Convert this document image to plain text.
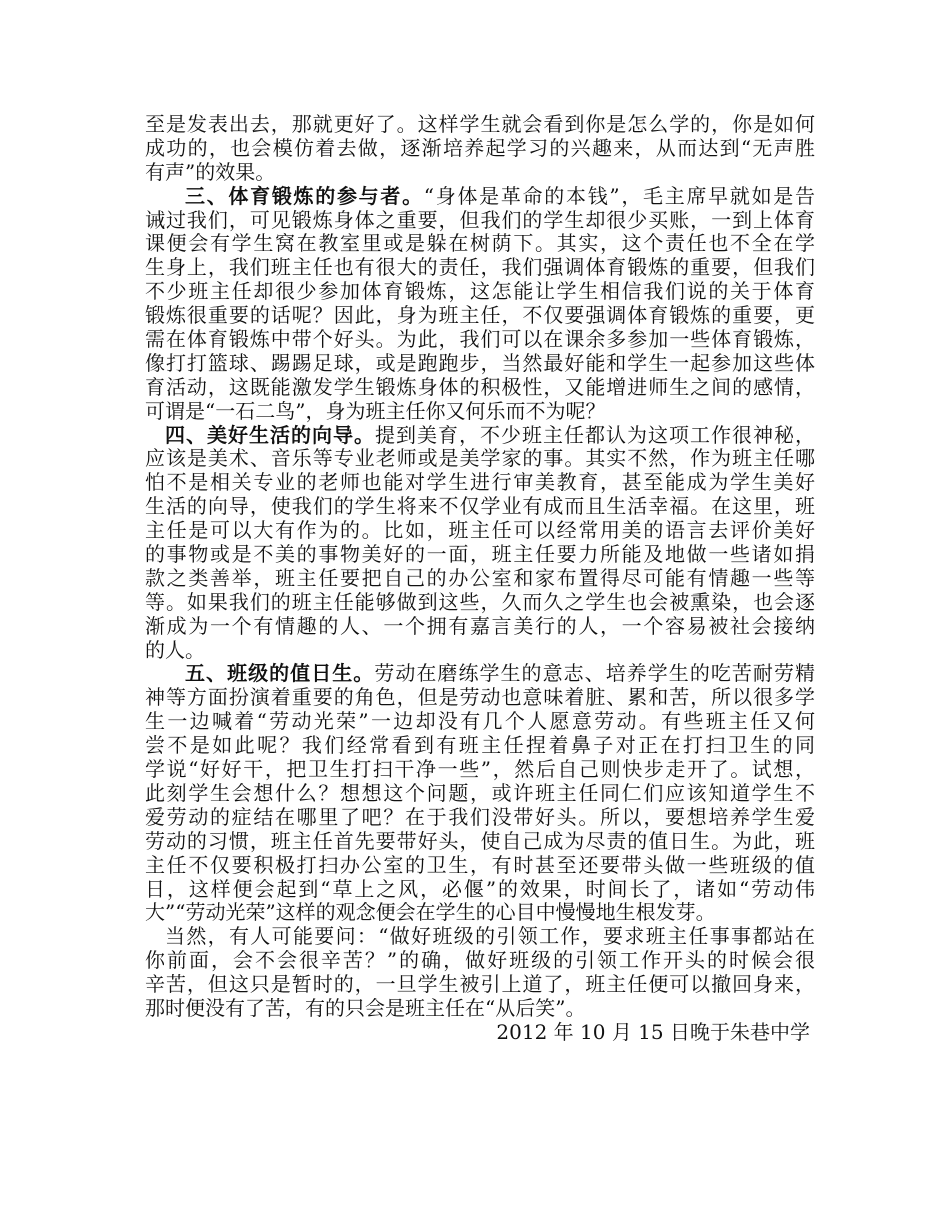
至是发表出去，那就更好了。这样学生就会看到你是怎么学的，你是如何
成功的，也会模仿着去做，逐渐培养起学习的兴趣来，从而达到“无声胜
有声”的效果。
三、体育锻炼的参与者。“身体是革命的本钱”，毛主席早就如是告
诫过我们，可见锻炼身体之重要，但我们的学生却很少买账，一到上体育
课便会有学生窝在教室里或是躲在树荫下。其实，这个责任也不全在学
生身上，我们班主任也有很大的责任，我们强调体育锻炼的重要，但我们
不少班主任却很少参加体育锻炼，这怎能让学生相信我们说的关于体育
锻炼很重要的话呢？因此，身为班主任，不仅要强调体育锻炼的重要，更
需在体育锻炼中带个好头。为此，我们可以在课余多参加一些体育锻炼，
像打打篮球、踢踢足球，或是跑跑步，当然最好能和学生一起参加这些体
育活动，这既能激发学生锻炼身体的积极性，又能增进师生之间的感情，
可谓是“一石二鸟”，身为班主任你又何乐而不为呢？
四、美好生活的向导。提到美育，不少班主任都认为这项工作很神秘，
应该是美术、音乐等专业老师或是美学家的事。其实不然，作为班主任哪
怕不是相关专业的老师也能对学生进行审美教育，甚至能成为学生美好
生活的向导，使我们的学生将来不仅学业有成而且生活幸福。在这里，班
主任是可以大有作为的。比如，班主任可以经常用美的语言去评价美好
的事物或是不美的事物美好的一面，班主任要力所能及地做一些诸如捐
款之类善举，班主任要把自己的办公室和家布置得尽可能有情趣一些等
等。如果我们的班主任能够做到这些，久而久之学生也会被熏染，也会逐
渐成为一个有情趣的人、一个拥有嘉言美行的人，一个容易被社会接纳
的人。
五、班级的值日生。劳动在磨练学生的意志、培养学生的吃苦耐劳精
神等方面扮演着重要的角色，但是劳动也意味着脏、累和苦，所以很多学
生一边喊着“劳动光荣”一边却没有几个人愿意劳动。有些班主任又何
尝不是如此呢？我们经常看到有班主任捏着鼻子对正在打扫卫生的同
学说“好好干，把卫生打扫干净一些”，然后自己则快步走开了。试想，
此刻学生会想什么？想想这个问题，或许班主任同仁们应该知道学生不
爱劳动的症结在哪里了吧？在于我们没带好头。所以，要想培养学生爱
劳动的习惯，班主任首先要带好头，使自己成为尽责的值日生。为此，班
主任不仅要积极打扫办公室的卫生，有时甚至还要带头做一些班级的值
日，这样便会起到“草上之风，必偃”的效果，时间长了，诸如“劳动伟
大”“劳动光荣”这样的观念便会在学生的心目中慢慢地生根发芽。
当然，有人可能要问：“做好班级的引领工作，要求班主任事事都站在
你前面，会不会很辛苦？”的确，做好班级的引领工作开头的时候会很
辛苦，但这只是暂时的，一旦学生被引上道了，班主任便可以撤回身来，
那时便没有了苦，有的只会是班主任在“从后笑”。
2012 年 10 月 15 日晚于朱巷中学
